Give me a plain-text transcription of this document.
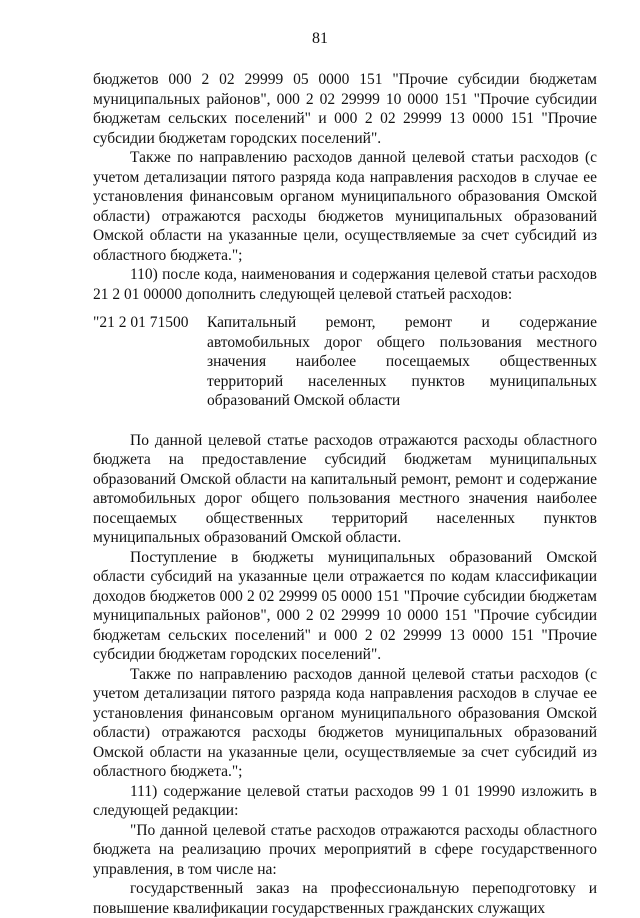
81

бюджетов 000 2 02 29999 05 0000 151 "Прочие субсидии бюджетам муниципальных районов", 000 2 02 29999 10 0000 151 "Прочие субсидии бюджетам сельских поселений" и 000 2 02 29999 13 0000 151 "Прочие субсидии бюджетам городских поселений".

Также по направлению расходов данной целевой статьи расходов (с учетом детализации пятого разряда кода направления расходов в случае ее установления финансовым органом муниципального образования Омской области) отражаются расходы бюджетов муниципальных образований Омской области на указанные цели, осуществляемые за счет субсидий из областного бюджета.";

110) после кода, наименования и содержания целевой статьи расходов 21 2 01 00000 дополнить следующей целевой статьей расходов:

"21 2 01 71500	Капитальный ремонт, ремонт и содержание автомобильных дорог общего пользования местного значения наиболее посещаемых общественных территорий населенных пунктов муниципальных образований Омской области

По данной целевой статье расходов отражаются расходы областного бюджета на предоставление субсидий бюджетам муниципальных образований Омской области на капитальный ремонт, ремонт и содержание автомобильных дорог общего пользования местного значения наиболее посещаемых общественных территорий населенных пунктов муниципальных образований Омской области.

Поступление в бюджеты муниципальных образований Омской области субсидий на указанные цели отражается по кодам классификации доходов бюджетов 000 2 02 29999 05 0000 151 "Прочие субсидии бюджетам муниципальных районов", 000 2 02 29999 10 0000 151 "Прочие субсидии бюджетам сельских поселений" и 000 2 02 29999 13 0000 151 "Прочие субсидии бюджетам городских поселений".

Также по направлению расходов данной целевой статьи расходов (с учетом детализации пятого разряда кода направления расходов в случае ее установления финансовым органом муниципального образования Омской области) отражаются расходы бюджетов муниципальных образований Омской области на указанные цели, осуществляемые за счет субсидий из областного бюджета.";

111) содержание целевой статьи расходов 99 1 01 19990 изложить в следующей редакции:

"По данной целевой статье расходов отражаются расходы областного бюджета на реализацию прочих мероприятий в сфере государственного управления, в том числе на:

государственный заказ на профессиональную переподготовку и повышение квалификации государственных гражданских служащих
